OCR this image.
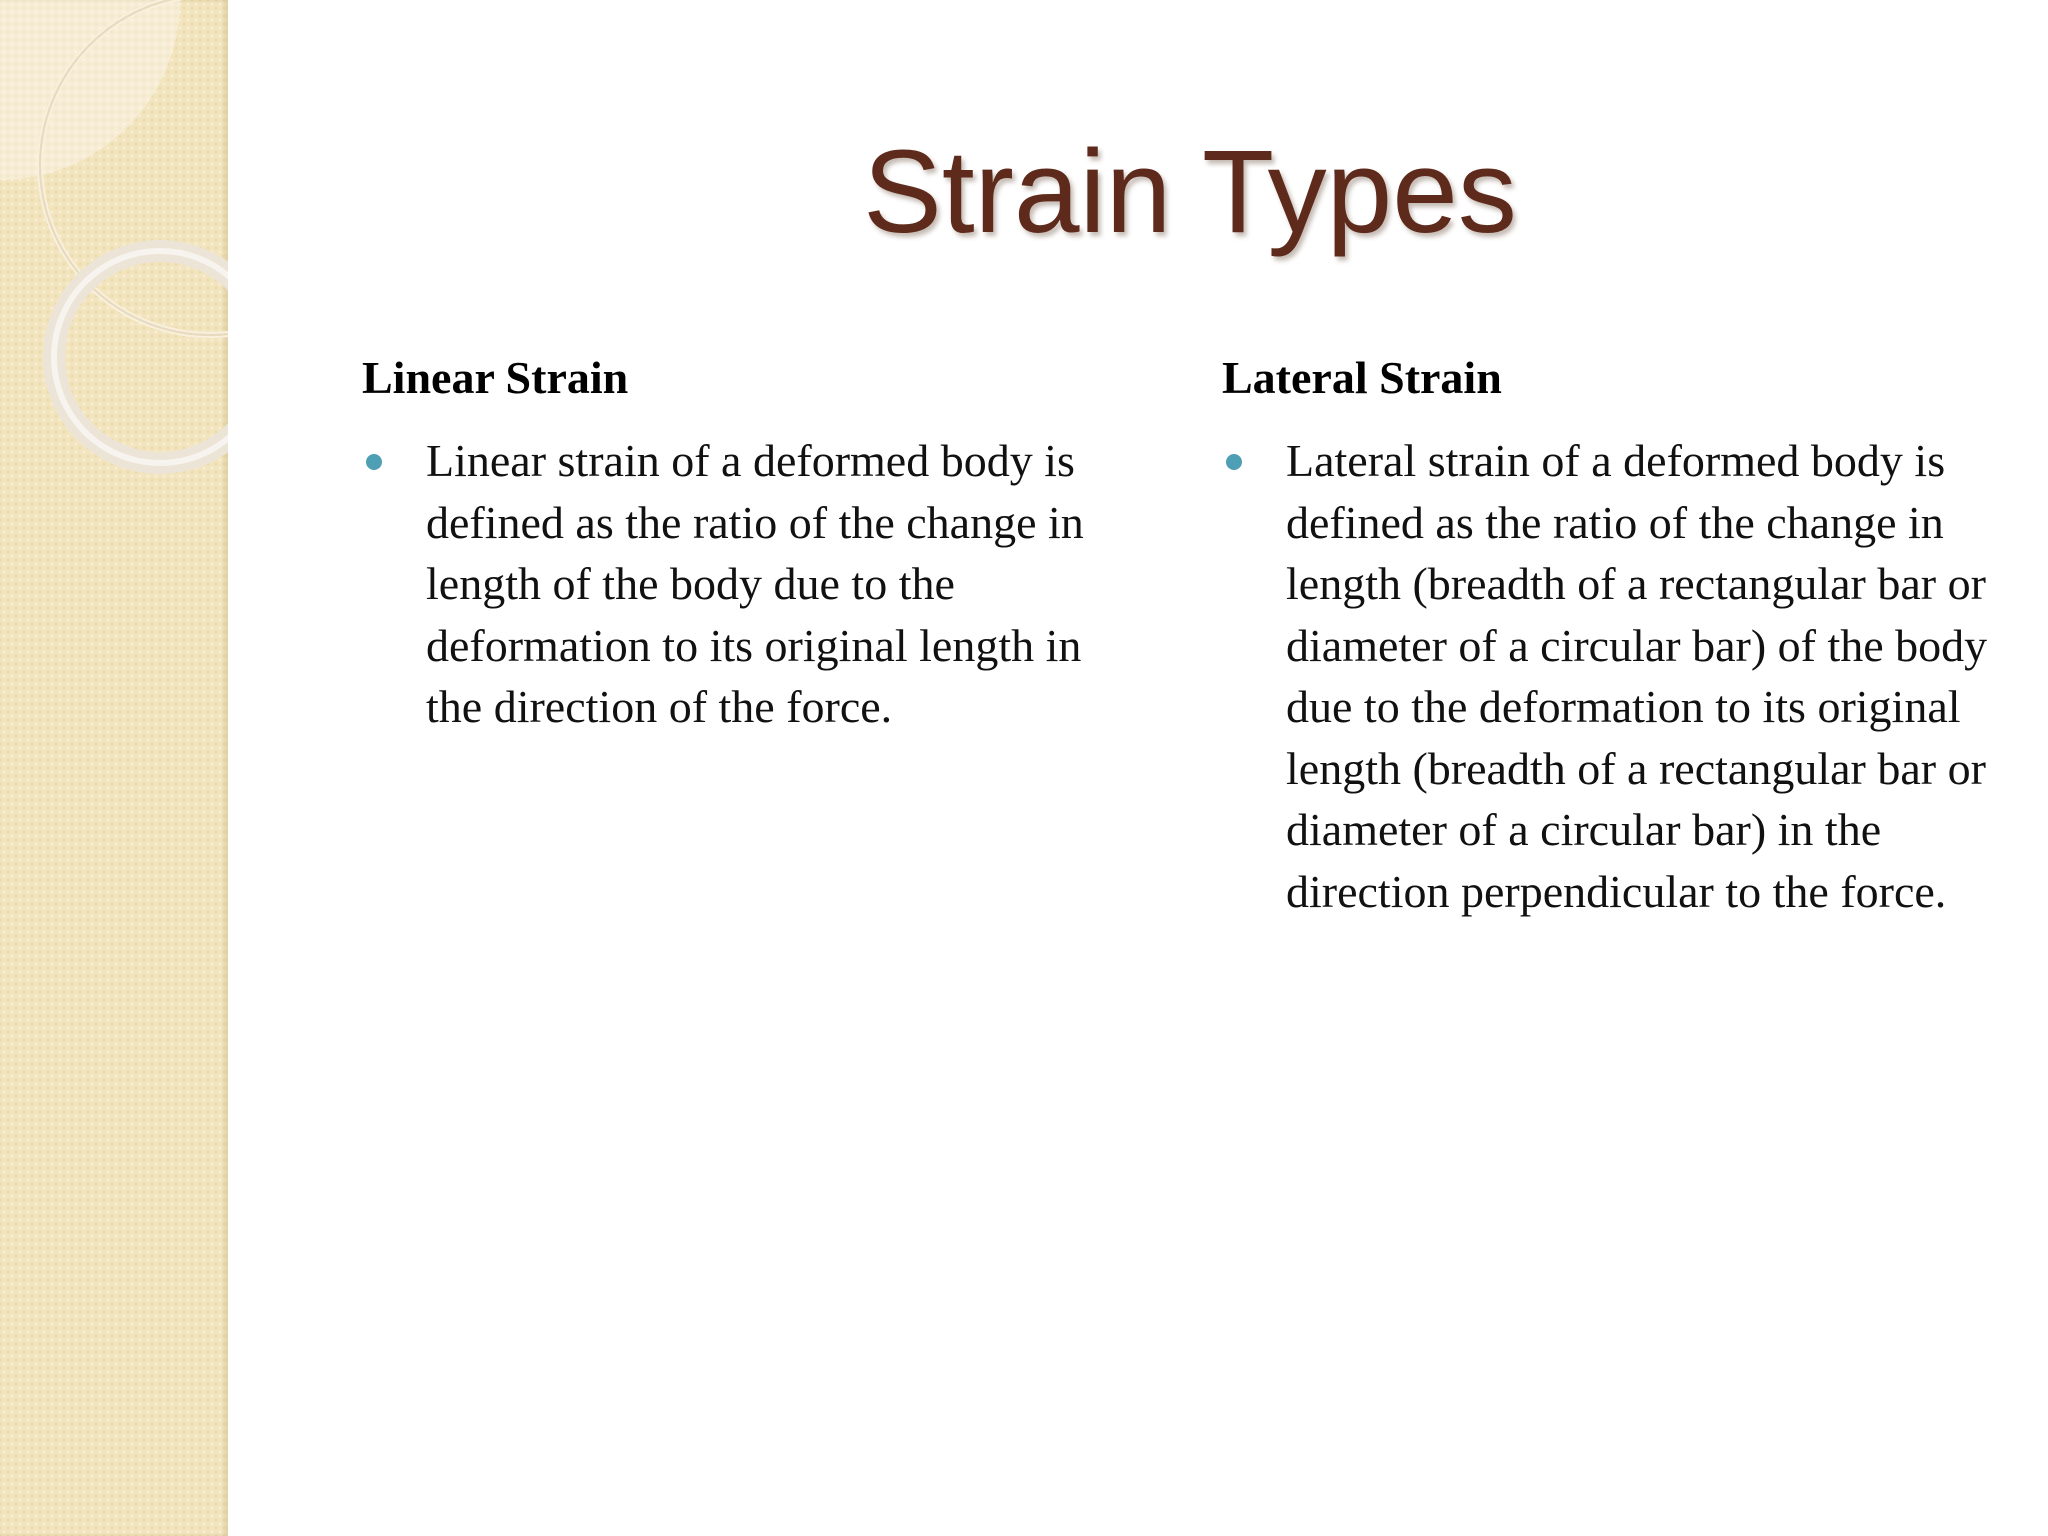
Strain Types
Linear Strain
Linear strain of a deformed body is defined as the ratio of the change in length of the body due to the deformation to its original length in the direction of the force.
Lateral Strain
Lateral strain of a deformed body is defined as the ratio of the change in length (breadth of a rectangular bar or diameter of a circular bar) of the body due to the deformation to its original length (breadth of a rectangular bar or diameter of a circular bar) in the direction perpendicular to the force.
